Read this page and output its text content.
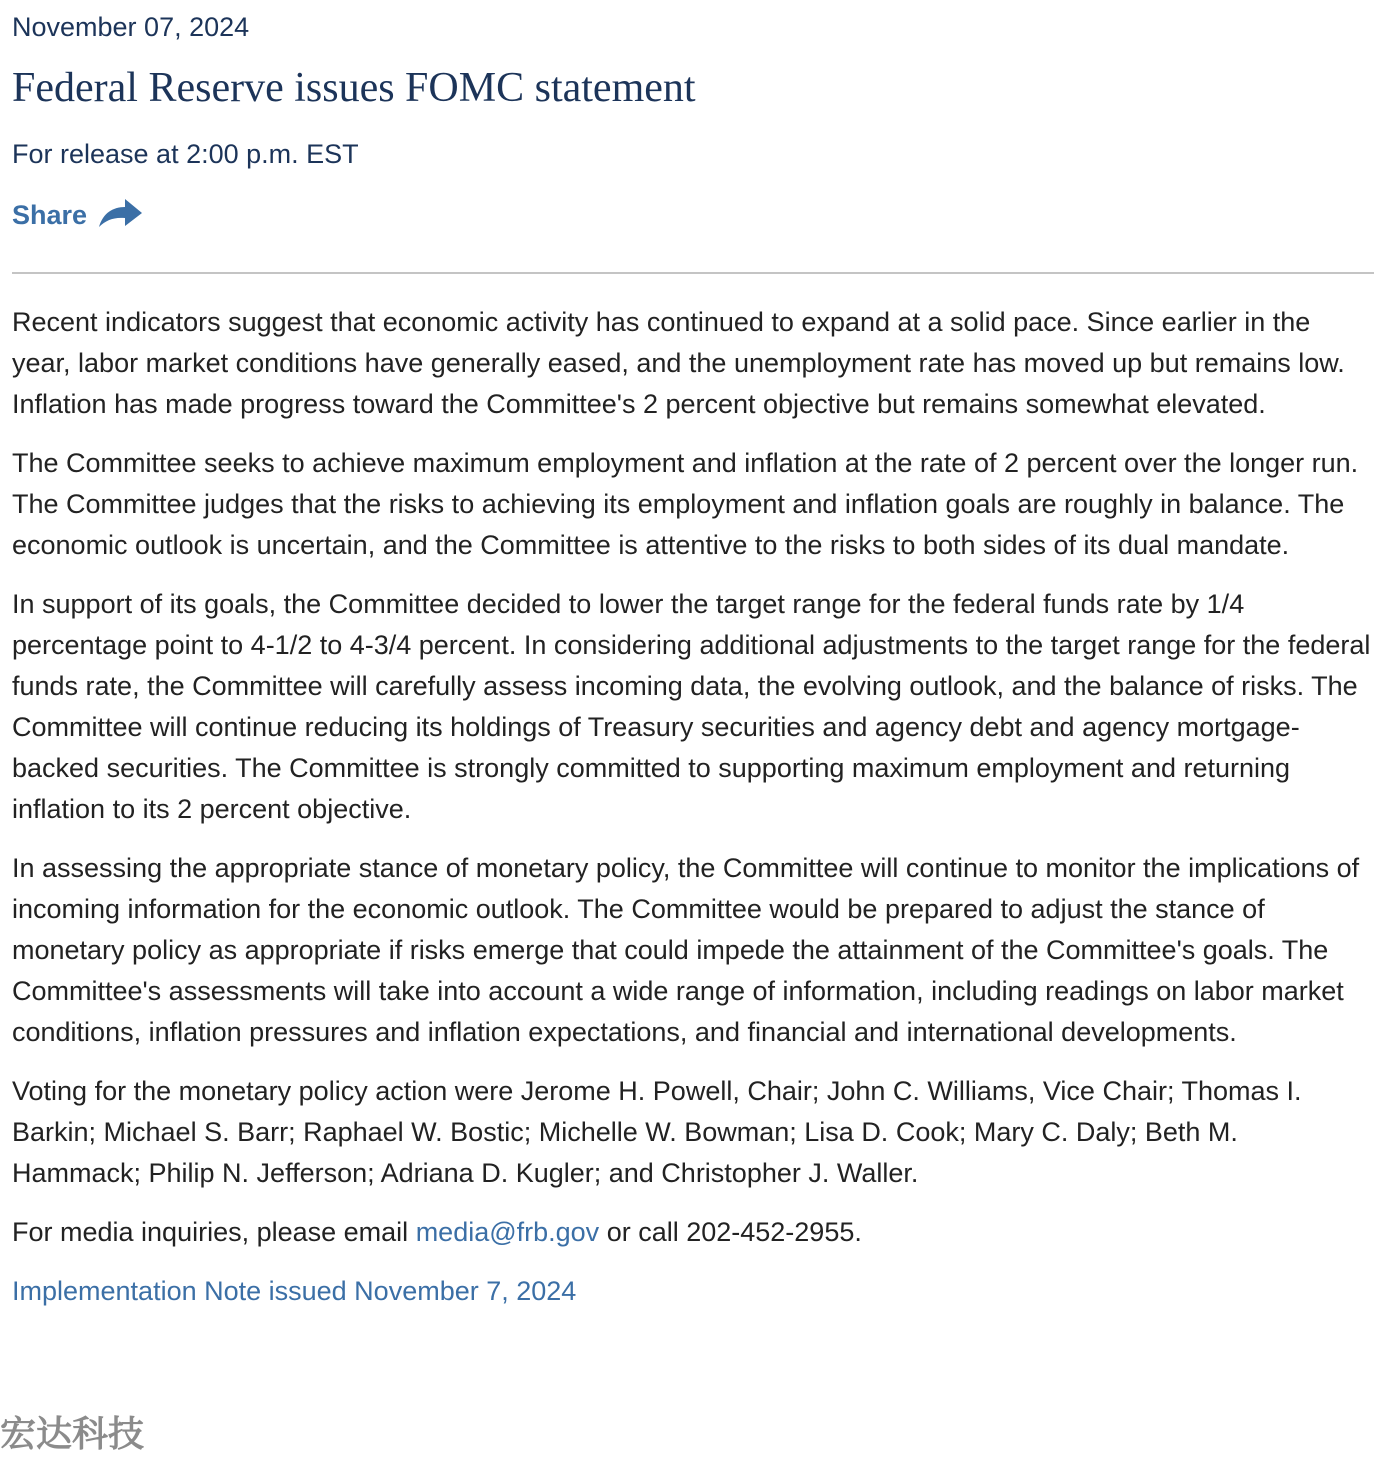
November 07, 2024
Federal Reserve issues FOMC statement
For release at 2:00 p.m. EST
Share

Recent indicators suggest that economic activity has continued to expand at a solid pace. Since earlier in the year, labor market conditions have generally eased, and the unemployment rate has moved up but remains low. Inflation has made progress toward the Committee's 2 percent objective but remains somewhat elevated.

The Committee seeks to achieve maximum employment and inflation at the rate of 2 percent over the longer run. The Committee judges that the risks to achieving its employment and inflation goals are roughly in balance. The economic outlook is uncertain, and the Committee is attentive to the risks to both sides of its dual mandate.

In support of its goals, the Committee decided to lower the target range for the federal funds rate by 1/4 percentage point to 4-1/2 to 4-3/4 percent. In considering additional adjustments to the target range for the federal funds rate, the Committee will carefully assess incoming data, the evolving outlook, and the balance of risks. The Committee will continue reducing its holdings of Treasury securities and agency debt and agency mortgage-backed securities. The Committee is strongly committed to supporting maximum employment and returning inflation to its 2 percent objective.

In assessing the appropriate stance of monetary policy, the Committee will continue to monitor the implications of incoming information for the economic outlook. The Committee would be prepared to adjust the stance of monetary policy as appropriate if risks emerge that could impede the attainment of the Committee's goals. The Committee's assessments will take into account a wide range of information, including readings on labor market conditions, inflation pressures and inflation expectations, and financial and international developments.

Voting for the monetary policy action were Jerome H. Powell, Chair; John C. Williams, Vice Chair; Thomas I. Barkin; Michael S. Barr; Raphael W. Bostic; Michelle W. Bowman; Lisa D. Cook; Mary C. Daly; Beth M. Hammack; Philip N. Jefferson; Adriana D. Kugler; and Christopher J. Waller.

For media inquiries, please email media@frb.gov or call 202-452-2955.

Implementation Note issued November 7, 2024
宏达科技
